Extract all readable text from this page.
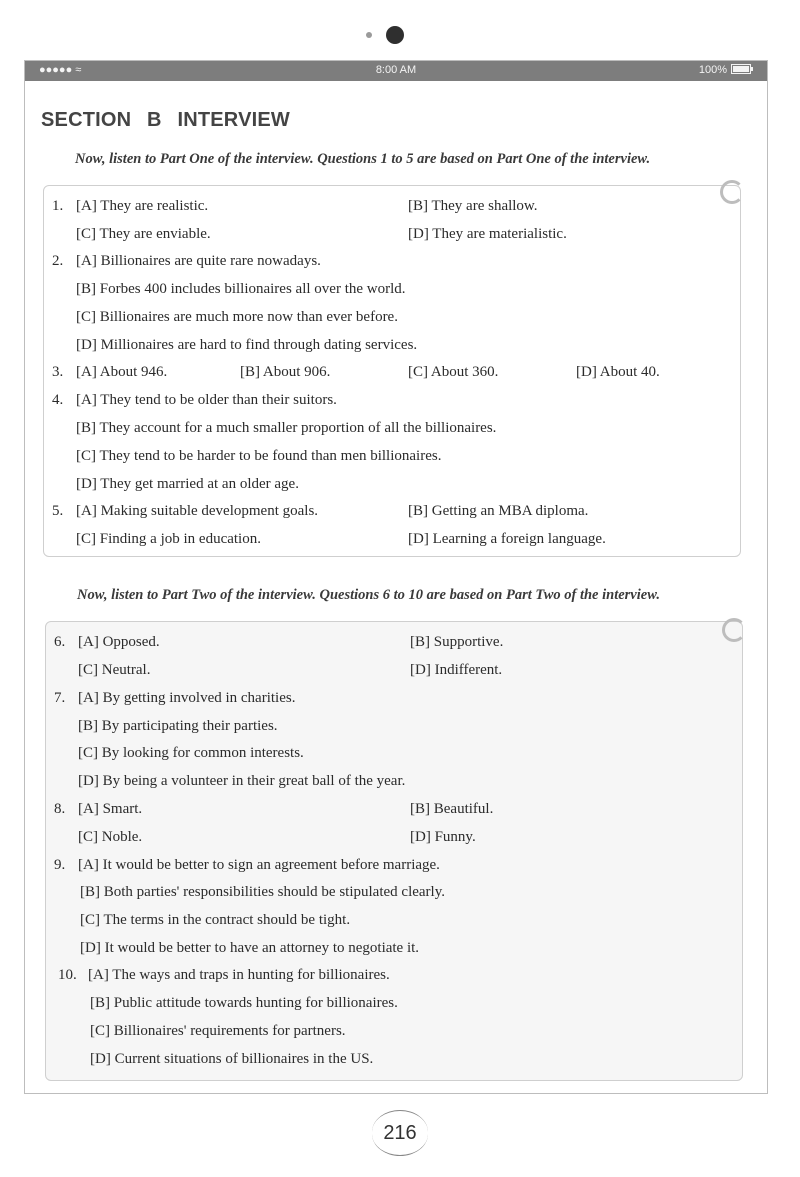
●●●●● ≈	8:00 AM	100%
SECTION B INTERVIEW
Now, listen to Part One of the interview. Questions 1 to 5 are based on Part One of the interview.
1. [A] They are realistic.	[B] They are shallow.
[C] They are enviable.	[D] They are materialistic.
2. [A] Billionaires are quite rare nowadays.
[B] Forbes 400 includes billionaires all over the world.
[C] Billionaires are much more now than ever before.
[D] Millionaires are hard to find through dating services.
3. [A] About 946.	[B] About 906.	[C] About 360.	[D] About 40.
4. [A] They tend to be older than their suitors.
[B] They account for a much smaller proportion of all the billionaires.
[C] They tend to be harder to be found than men billionaires.
[D] They get married at an older age.
5. [A] Making suitable development goals.	[B] Getting an MBA diploma.
[C] Finding a job in education.	[D] Learning a foreign language.
Now, listen to Part Two of the interview. Questions 6 to 10 are based on Part Two of the interview.
6. [A] Opposed.	[B] Supportive.
[C] Neutral.	[D] Indifferent.
7. [A] By getting involved in charities.
[B] By participating their parties.
[C] By looking for common interests.
[D] By being a volunteer in their great ball of the year.
8. [A] Smart.	[B] Beautiful.
[C] Noble.	[D] Funny.
9. [A] It would be better to sign an agreement before marriage.
[B] Both parties' responsibilities should be stipulated clearly.
[C] The terms in the contract should be tight.
[D] It would be better to have an attorney to negotiate it.
10. [A] The ways and traps in hunting for billionaires.
[B] Public attitude towards hunting for billionaires.
[C] Billionaires' requirements for partners.
[D] Current situations of billionaires in the US.
216
